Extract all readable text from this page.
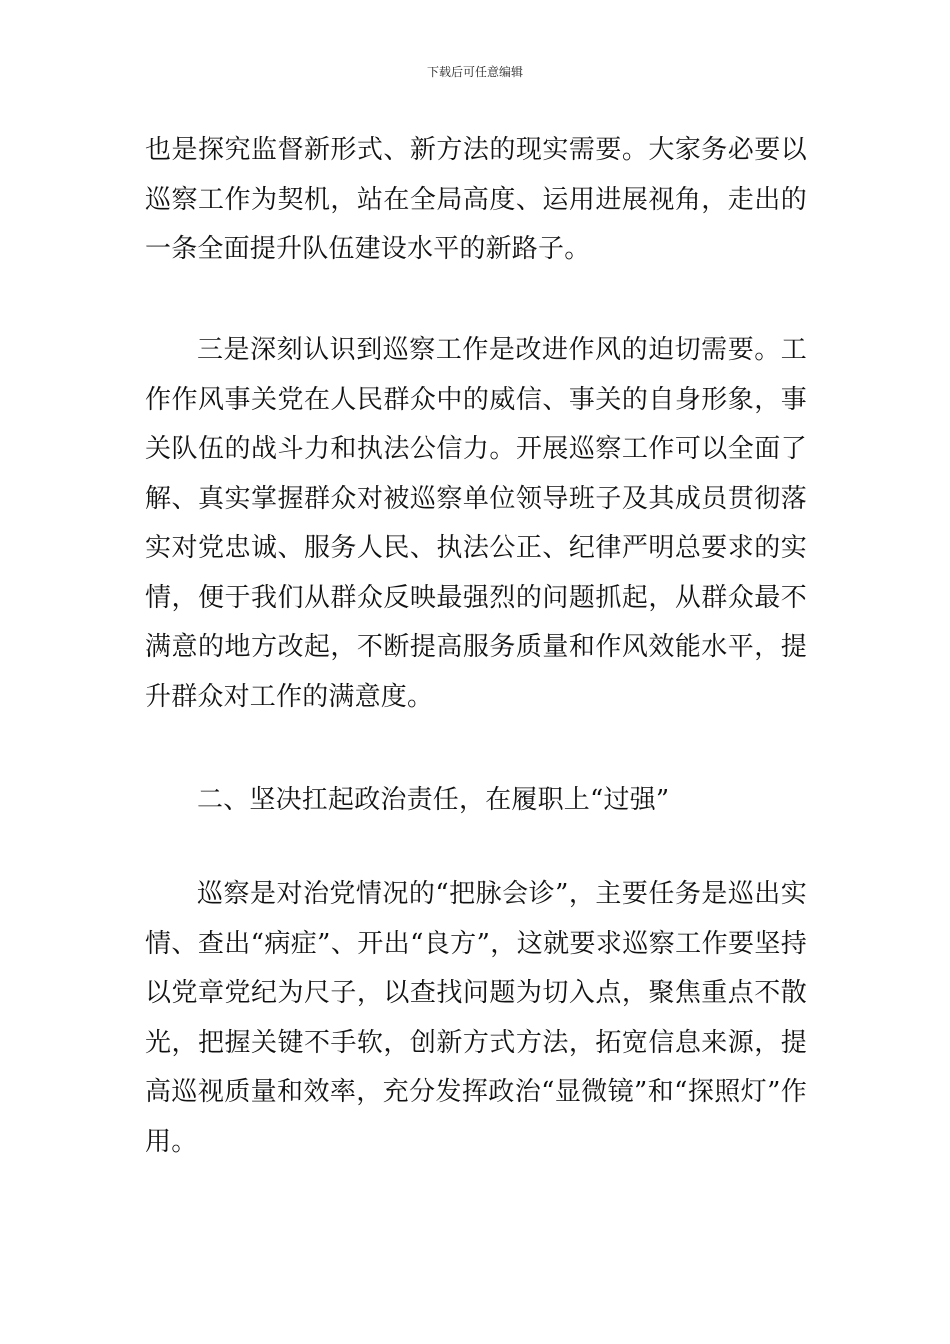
下载后可任意编辑

也是探究监督新形式、新方法的现实需要。大家务必要以巡察工作为契机，站在全局高度、运用进展视角，走出的一条全面提升队伍建设水平的新路子。

三是深刻认识到巡察工作是改进作风的迫切需要。工作作风事关党在人民群众中的威信、事关的自身形象，事关队伍的战斗力和执法公信力。开展巡察工作可以全面了解、真实掌握群众对被巡察单位领导班子及其成员贯彻落实对党忠诚、服务人民、执法公正、纪律严明总要求的实情，便于我们从群众反映最强烈的问题抓起，从群众最不满意的地方改起，不断提高服务质量和作风效能水平，提升群众对工作的满意度。

二、坚决扛起政治责任，在履职上“过强”

巡察是对治党情况的“把脉会诊”，主要任务是巡出实情、查出“病症”、开出“良方”，这就要求巡察工作要坚持以党章党纪为尺子，以查找问题为切入点，聚焦重点不散光，把握关键不手软，创新方式方法，拓宽信息来源，提高巡视质量和效率，充分发挥政治“显微镜”和“探照灯”作用。
